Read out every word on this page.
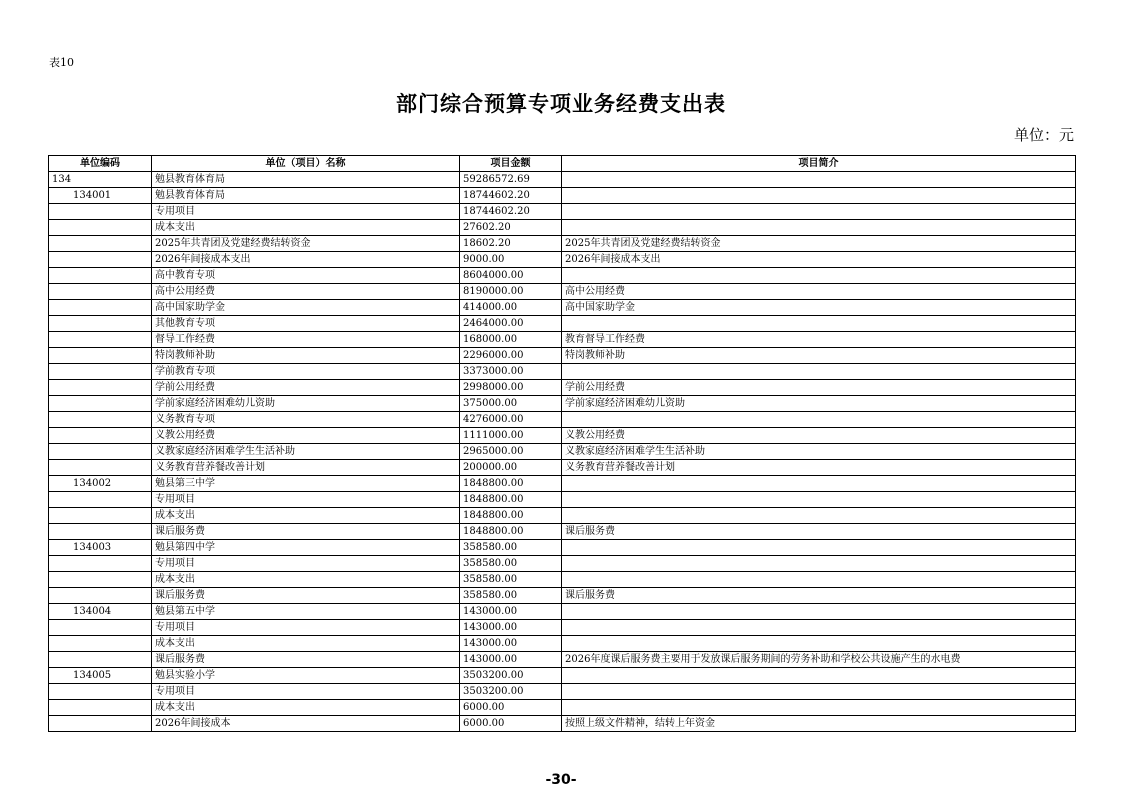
表10
部门综合预算专项业务经费支出表
单位：元
单位编码	单位（项目）名称	项目金额	项目简介
134	勉县教育体育局	59286572.69	
134001	勉县教育体育局	18744602.20	
	专用项目	18744602.20	
	成本支出	27602.20	
	2025年共青团及党建经费结转资金	18602.20	2025年共青团及党建经费结转资金
	2026年间接成本支出	9000.00	2026年间接成本支出
	高中教育专项	8604000.00	
	高中公用经费	8190000.00	高中公用经费
	高中国家助学金	414000.00	高中国家助学金
	其他教育专项	2464000.00	
	督导工作经费	168000.00	教育督导工作经费
	特岗教师补助	2296000.00	特岗教师补助
	学前教育专项	3373000.00	
	学前公用经费	2998000.00	学前公用经费
	学前家庭经济困难幼儿资助	375000.00	学前家庭经济困难幼儿资助
	义务教育专项	4276000.00	
	义教公用经费	1111000.00	义教公用经费
	义教家庭经济困难学生生活补助	2965000.00	义教家庭经济困难学生生活补助
	义务教育营养餐改善计划	200000.00	义务教育营养餐改善计划
134002	勉县第三中学	1848800.00	
	专用项目	1848800.00	
	成本支出	1848800.00	
	课后服务费	1848800.00	课后服务费
134003	勉县第四中学	358580.00	
	专用项目	358580.00	
	成本支出	358580.00	
	课后服务费	358580.00	课后服务费
134004	勉县第五中学	143000.00	
	专用项目	143000.00	
	成本支出	143000.00	
	课后服务费	143000.00	2026年度课后服务费主要用于发放课后服务期间的劳务补助和学校公共设施产生的水电费
134005	勉县实验小学	3503200.00	
	专用项目	3503200.00	
	成本支出	6000.00	
	2026年间接成本	6000.00	按照上级文件精神，结转上年资金
-30-
